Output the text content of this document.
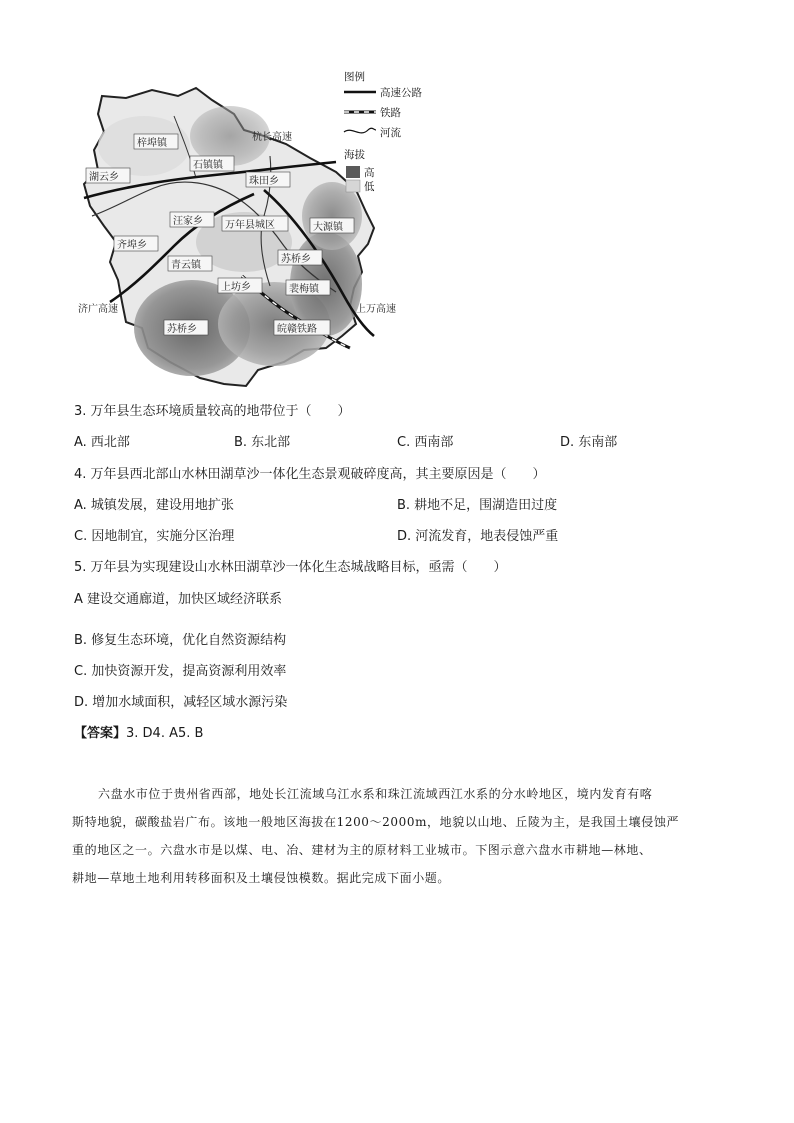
梓埠镇
石镇镇
杭长高速
湖云乡	珠田乡
汪家乡 万年县城区	大源镇
齐埠乡
青云镇
苏桥乡
上坊乡	裴梅镇
济广高速	上万高速
苏桥乡	皖赣铁路
图例
高速公路
铁路
河流
海拔
高
低
3. 万年县生态环境质量较高的地带位于（　　）
A. 西北部	B. 东北部	C. 西南部	D. 东南部
4. 万年县西北部山水林田湖草沙一体化生态景观破碎度高，其主要原因是（　　）
A. 城镇发展，建设用地扩张	B. 耕地不足，围湖造田过度
C. 因地制宜，实施分区治理	D. 河流发育，地表侵蚀严重
5. 万年县为实现建设山水林田湖草沙一体化生态城战略目标，亟需（　　）
A 建设交通廊道，加快区域经济联系
B. 修复生态环境，优化自然资源结构
C. 加快资源开发，提高资源利用效率
D. 增加水域面积，减轻区域水源污染
【答案】3. D4. A5. B
六盘水市位于贵州省西部，地处长江流域乌江水系和珠江流域西江水系的分水岭地区，境内发育有喀
斯特地貌，碳酸盐岩广布。该地一般地区海拔在1200～2000m，地貌以山地、丘陵为主，是我国土壤侵蚀严
重的地区之一。六盘水市是以煤、电、冶、建材为主的原材料工业城市。下图示意六盘水市耕地—林地、
耕地—草地土地利用转移面积及土壤侵蚀模数。据此完成下面小题。
